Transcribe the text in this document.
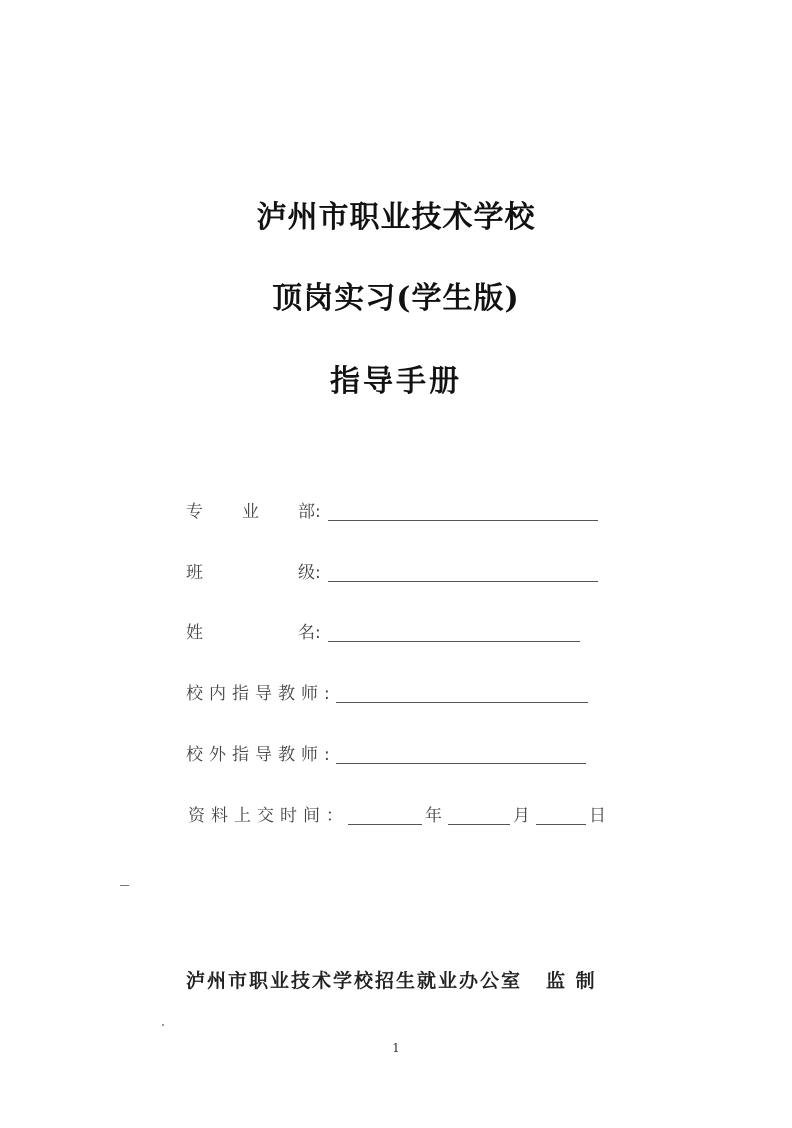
泸州市职业技术学校
顶岗实习(学生版)
指导手册
专 业 部:
班	级:
姓	名:
校内指导教师:
校外指导教师:
资料上交时间：	年	月	日
泸州市职业技术学校招生就业办公室 监 制
1
